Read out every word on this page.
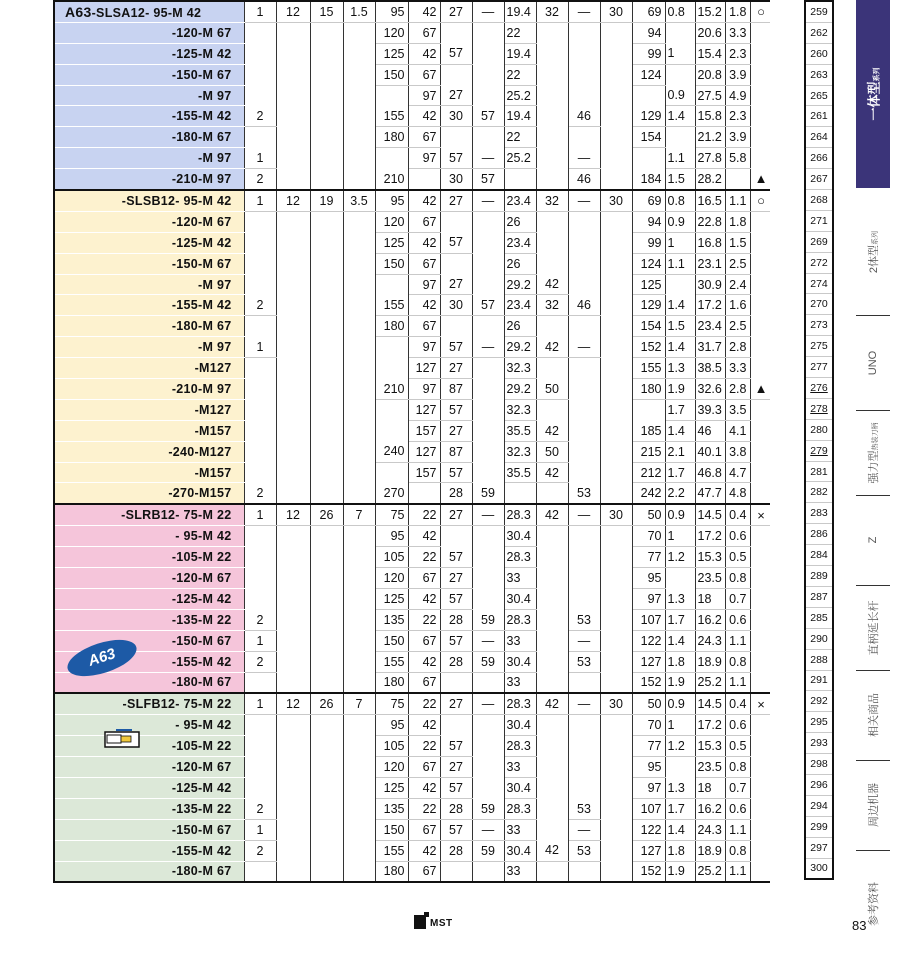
A63-SLSA12- 95-M 42	1	12	15	1.5	95	42	27	—	19.4	32	—	30	69	0.8	15.2	1.8	○	
-120-M 67					120	67			22				94		20.6	3.3		
-125-M 42					125	42	57		19.4				99	1	15.4	2.3		
-150-M 67					150	67			22				124		20.8	3.9		
-M 97						97	27		25.2					0.9	27.5	4.9		
-155-M 42	2				155	42	30	57	19.4		46		129	1.4	15.8	2.3		
-180-M 67					180	67			22				154		21.2	3.9		
-M 97	1					97	57	—	25.2		—			1.1	27.8	5.8		
-210-M 97	2				210		30	57			46		184	1.5	28.2		▲	
-SLSB12- 95-M 42	1	12	19	3.5	95	42	27	—	23.4	32	—	30	69	0.8	16.5	1.1	○	
-120-M 67					120	67			26				94	0.9	22.8	1.8		
-125-M 42					125	42	57		23.4				99	1	16.8	1.5		
-150-M 67					150	67			26				124	1.1	23.1	2.5		
-M 97						97	27		29.2	42			125		30.9	2.4		
-155-M 42	2				155	42	30	57	23.4	32	46		129	1.4	17.2	1.6		
-180-M 67					180	67			26				154	1.5	23.4	2.5		
-M 97	1					97	57	—	29.2	42	—		152	1.4	31.7	2.8		
-M127						127	27		32.3				155	1.3	38.5	3.3		
-210-M 97					210	97	87		29.2	50			180	1.9	32.6	2.8	▲	
-M127						127	57		32.3					1.7	39.3	3.5		
-M157						157	27		35.5	42			185	1.4	46	4.1		
-240-M127					240	127	87		32.3	50			215	2.1	40.1	3.8		
-M157						157	57		35.5	42			212	1.7	46.8	4.7		
-270-M157	2				270		28	59			53		242	2.2	47.7	4.8		
-SLRB12- 75-M 22	1	12	26	7	75	22	27	—	28.3	42	—	30	50	0.9	14.5	0.4	×	
- 95-M 42					95	42			30.4				70	1	17.2	0.6		
-105-M 22					105	22	57		28.3				77	1.2	15.3	0.5		
-120-M 67					120	67	27		33				95		23.5	0.8		
-125-M 42					125	42	57		30.4				97	1.3	18	0.7		
-135-M 22	2				135	22	28	59	28.3		53		107	1.7	16.2	0.6		
-150-M 67	1				150	67	57	—	33		—		122	1.4	24.3	1.1		
-155-M 42	2				155	42	28	59	30.4		53		127	1.8	18.9	0.8		
-180-M 67					180	67			33				152	1.9	25.2	1.1		
-SLFB12- 75-M 22	1	12	26	7	75	22	27	—	28.3	42	—	30	50	0.9	14.5	0.4	×	
- 95-M 42					95	42			30.4				70	1	17.2	0.6		
-105-M 22					105	22	57		28.3				77	1.2	15.3	0.5		
-120-M 67					120	67	27		33				95		23.5	0.8		
-125-M 42					125	42	57		30.4				97	1.3	18	0.7		
-135-M 22	2				135	22	28	59	28.3		53		107	1.7	16.2	0.6		
-150-M 67	1				150	67	57	—	33		—		122	1.4	24.3	1.1		
-155-M 42	2				155	42	28	59	30.4	42	53		127	1.8	18.9	0.8		
-180-M 67					180	67			33				152	1.9	25.2	1.1		
259
262
260
263
265
261
264
266
267
268
271
269
272
274
270
273
275
277
276
278
280
279
281
282
283
286
284
289
287
285
290
288
291
292
295
293
298
296
294
299
297
300
A63
一体型系列
2体型系列
UNO
强力型热装刀柄
Z
直柄延长杆
相关商品
周边机器
参考资料
MST	83
